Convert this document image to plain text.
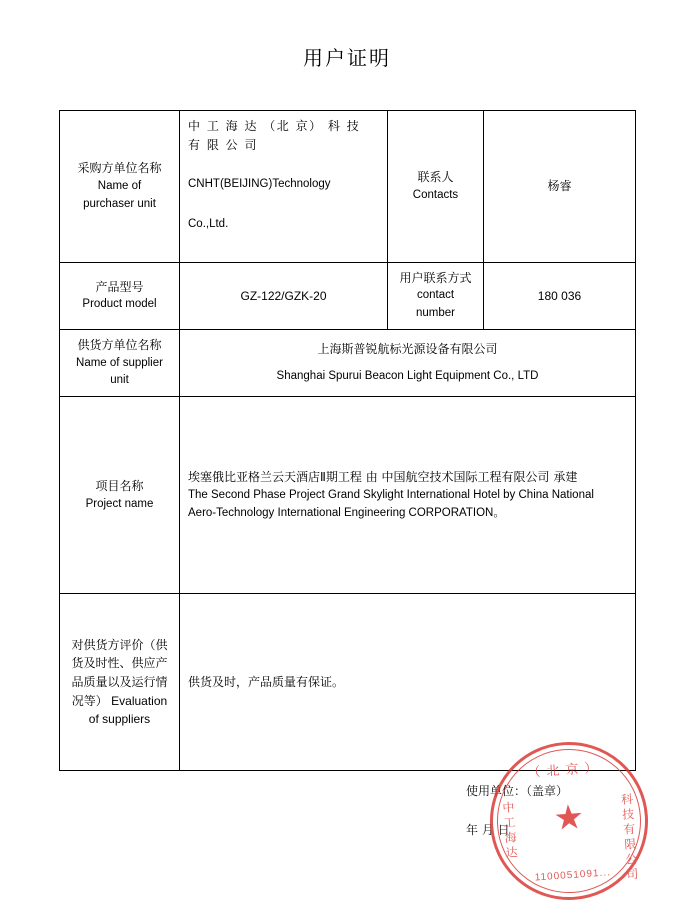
用户证明
采购方单位名称
Name of
purchaser unit	中 工 海 达 （北 京） 科 技 有 限 公 司
CNHT(BEIJING)Technology
Co.,Ltd.	联系人
Contacts	杨睿

产品型号
Product model	GZ-122/GZK-20	用户联系方式
contact
number	180 036

供货方单位名称
Name of supplier
unit	上海斯普锐航标光源设备有限公司
Shanghai Spurui Beacon Light Equipment Co., LTD		

项目名称
Project name	埃塞俄比亚格兰云天酒店Ⅱ期工程 由 中国航空技术国际工程有限公司 承建
The Second Phase Project Grand Skylight International Hotel by China National
Aero-Technology International Engineering CORPORATION。		

对供货方评价（供 货及时性、供应产 品质量以及运行情 况等） Evaluation of suppliers	供货及时，产品质量有保证。		
使用单位：（盖章）
年 月 日
（北京）
中工海达	科技有限公司
★
1100051091...
